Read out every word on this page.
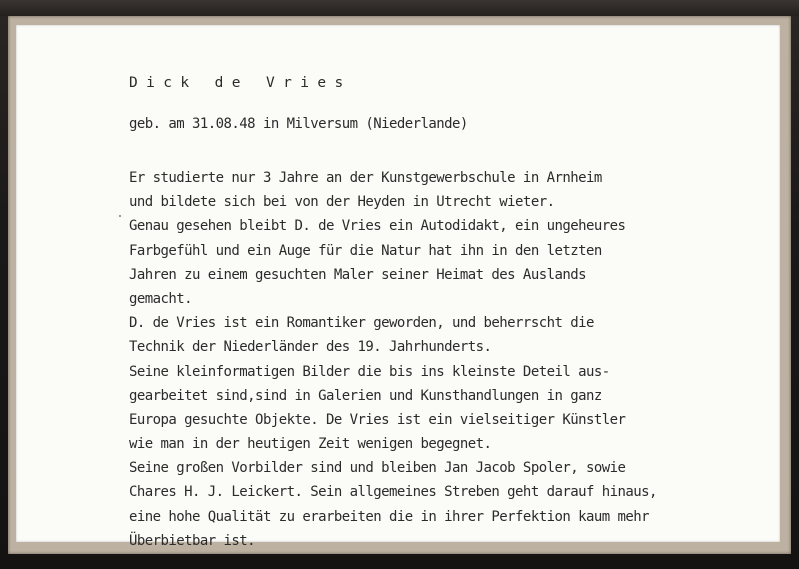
Dick de Vries
geb. am 31.08.48 in Milversum (Niederlande)
Er studierte nur 3 Jahre an der Kunstgewerbschule in Arnheim
und bildete sich bei von der Heyden in Utrecht wieter.
Genau gesehen bleibt D. de Vries ein Autodidakt, ein ungeheures
Farbgefühl und ein Auge für die Natur hat ihn in den letzten
Jahren zu einem gesuchten Maler seiner Heimat des Auslands
gemacht.
D. de Vries ist ein Romantiker geworden, und beherrscht die
Technik der Niederländer des 19. Jahrhunderts.
Seine kleinformatigen Bilder die bis ins kleinste Deteil aus-
gearbeitet sind,sind in Galerien und Kunsthandlungen in ganz
Europa gesuchte Objekte. De Vries ist ein vielseitiger Künstler
wie man in der heutigen Zeit wenigen begegnet.
Seine großen Vorbilder sind und bleiben Jan Jacob Spoler, sowie
Chares H. J. Leickert. Sein allgemeines Streben geht darauf hinaus,
eine hohe Qualität zu erarbeiten die in ihrer Perfektion kaum mehr
Überbietbar ist.
